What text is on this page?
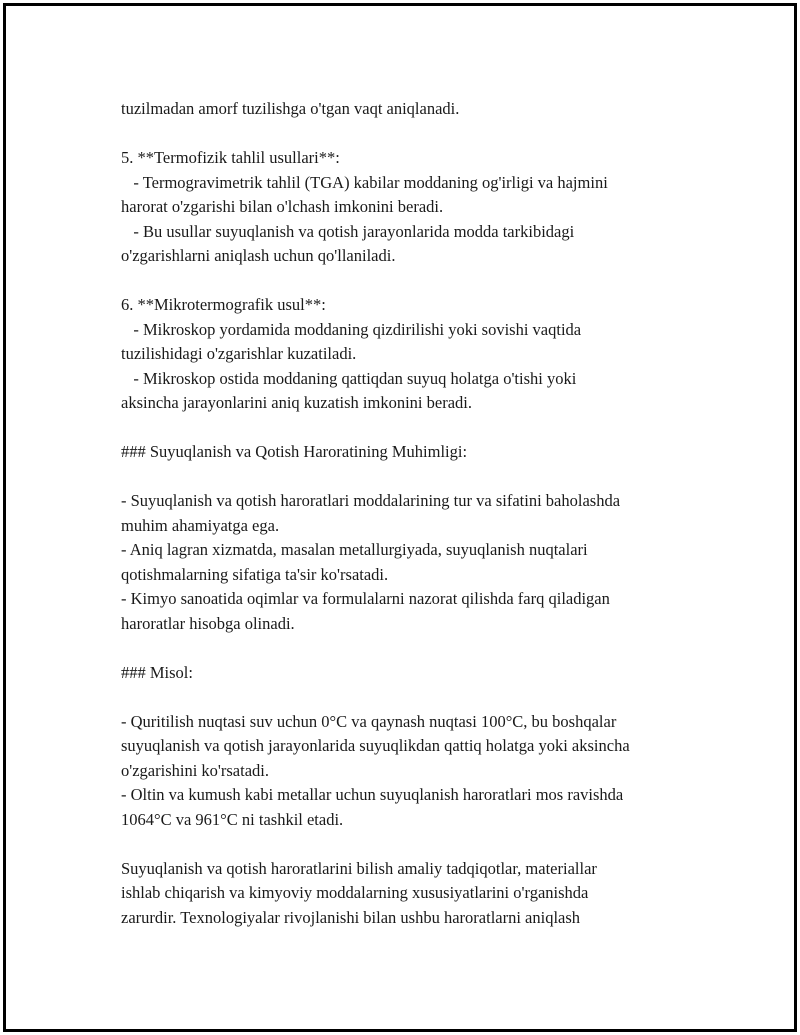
tuzilmadan amorf tuzilishga o'tgan vaqt aniqlanadi.
5. **Termofizik tahlil usullari**:
- Termogravimetrik tahlil (TGA) kabilar moddaning og'irligi va hajmini
harorat o'zgarishi bilan o'lchash imkonini beradi.
- Bu usullar suyuqlanish va qotish jarayonlarida modda tarkibidagi
o'zgarishlarni aniqlash uchun qo'llaniladi.
6. **Mikrotermografik usul**:
- Mikroskop yordamida moddaning qizdirilishi yoki sovishi vaqtida
tuzilishidagi o'zgarishlar kuzatiladi.
- Mikroskop ostida moddaning qattiqdan suyuq holatga o'tishi yoki
aksincha jarayonlarini aniq kuzatish imkonini beradi.
### Suyuqlanish va Qotish Haroratining Muhimligi:
- Suyuqlanish va qotish haroratlari moddalarining tur va sifatini baholashda
muhim ahamiyatga ega.
- Aniq lagran xizmatda, masalan metallurgiyada, suyuqlanish nuqtalari
qotishmalarning sifatiga ta'sir ko'rsatadi.
- Kimyo sanoatida oqimlar va formulalarni nazorat qilishda farq qiladigan
haroratlar hisobga olinadi.
### Misol:
- Quritilish nuqtasi suv uchun 0°C va qaynash nuqtasi 100°C, bu boshqalar
suyuqlanish va qotish jarayonlarida suyuqlikdan qattiq holatga yoki aksincha
o'zgarishini ko'rsatadi.
- Oltin va kumush kabi metallar uchun suyuqlanish haroratlari mos ravishda
1064°C va 961°C ni tashkil etadi.
Suyuqlanish va qotish haroratlarini bilish amaliy tadqiqotlar, materiallar
ishlab chiqarish va kimyoviy moddalarning xususiyatlarini o'rganishda
zarurdir. Texnologiyalar rivojlanishi bilan ushbu haroratlarni aniqlash
